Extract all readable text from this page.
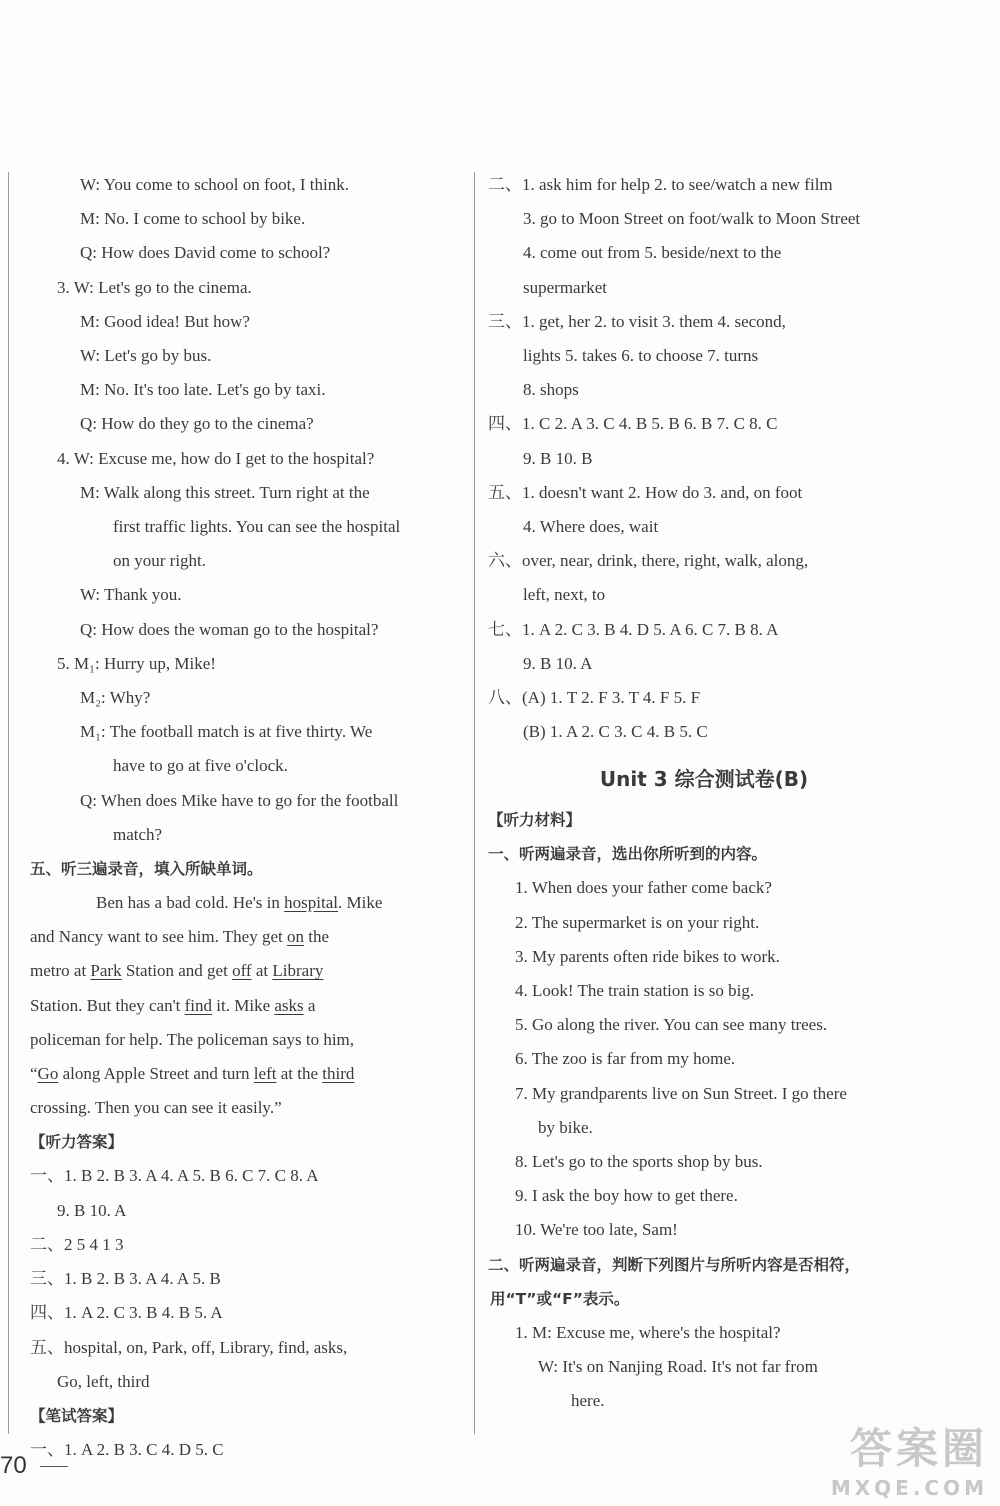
W: You come to school on foot, I think.
M: No. I come to school by bike.
Q: How does David come to school?
3. W: Let's go to the cinema.
M: Good idea! But how?
W: Let's go by bus.
M: No. It's too late. Let's go by taxi.
Q: How do they go to the cinema?
4. W: Excuse me, how do I get to the hospital?
M: Walk along this street. Turn right at the
first traffic lights. You can see the hospital
on your right.
W: Thank you.
Q: How does the woman go to the hospital?
5. M₁: Hurry up, Mike!
M₂: Why?
M₁: The football match is at five thirty. We
have to go at five o'clock.
Q: When does Mike have to go for the football
match?
五、听三遍录音，填入所缺单词。
Ben has a bad cold. He's in hospital. Mike
and Nancy want to see him. They get on the
metro at Park Station and get off at Library
Station. But they can't find it. Mike asks a
policeman for help. The policeman says to him,
“Go along Apple Street and turn left at the third
crossing. Then you can see it easily.”
【听力答案】
一、1. B 2. B 3. A 4. A 5. B 6. C 7. C 8. A
9. B 10. A
二、2 5 4 1 3
三、1. B 2. B 3. A 4. A 5. B
四、1. A 2. C 3. B 4. B 5. A
五、hospital, on, Park, off, Library, find, asks,
Go, left, third
【笔试答案】
一、1. A 2. B 3. C 4. D 5. C
二、1. ask him for help 2. to see/watch a new film
3. go to Moon Street on foot/walk to Moon Street
4. come out from 5. beside/next to the
supermarket
三、1. get, her 2. to visit 3. them 4. second,
lights 5. takes 6. to choose 7. turns
8. shops
四、1. C 2. A 3. C 4. B 5. B 6. B 7. C 8. C
9. B 10. B
五、1. doesn't want 2. How do 3. and, on foot
4. Where does, wait
六、over, near, drink, there, right, walk, along,
left, next, to
七、1. A 2. C 3. B 4. D 5. A 6. C 7. B 8. A
9. B 10. A
八、(A) 1. T 2. F 3. T 4. F 5. F
(B) 1. A 2. C 3. C 4. B 5. C
Unit 3 综合测试卷(B)
【听力材料】
一、听两遍录音，选出你所听到的内容。
1. When does your father come back?
2. The supermarket is on your right.
3. My parents often ride bikes to work.
4. Look! The train station is so big.
5. Go along the river. You can see many trees.
6. The zoo is far from my home.
7. My grandparents live on Sun Street. I go there
by bike.
8. Let's go to the sports shop by bus.
9. I ask the boy how to get there.
10. We're too late, Sam!
二、听两遍录音，判断下列图片与所听内容是否相符，
用“T”或“F”表示。
1. M: Excuse me, where's the hospital?
W: It's on Nanjing Road. It's not far from
here.
70	答案圈
MXQE.COM
